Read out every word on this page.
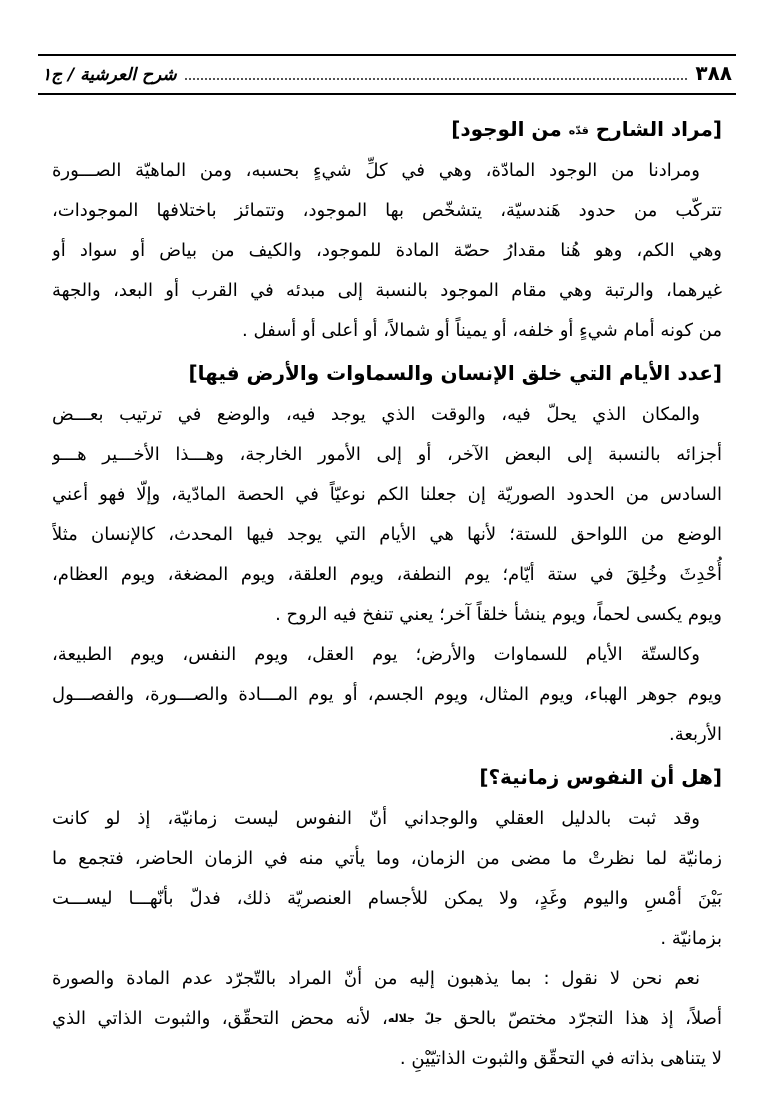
٣٨٨
شرح العرشية / ج١
[مراد الشارح قدّه من الوجود]
ومرادنا من الوجود المادّة، وهي في كلِّ شيءٍ بحسبه، ومن الماهيّة الصـــورة
تتركّب من حدود هَندسيّة، يتشخّص بها الموجود، وتتمائز باختلافها الموجودات،
وهي الكم، وهو هُنا مقدارُ حصّة المادة للموجود، والكيف من بياض أو سواد أو
غيرهما، والرتبة وهي مقام الموجود بالنسبة إلى مبدئه في القرب أو البعد، والجهة
من كونه أمام شيءٍ أو خلفه، أو يميناً أو شمالاً، أو أعلى أو أسفل .
[عدد الأيام التي خلق الإنسان والسماوات والأرض فيها]
والمكان الذي يحلّ فيه، والوقت الذي يوجد فيه، والوضع في ترتيب بعـــض
أجزائه بالنسبة إلى البعض الآخر، أو إلى الأمور الخارجة، وهـــذا الأخـــير هـــو
السادس من الحدود الصوريّة إن جعلنا الكم نوعيّاً في الحصة المادّية، وإلّا فهو أعني
الوضع من اللواحق للستة؛ لأنها هي الأيام التي يوجد فيها المحدث، كالإنسان مثلاً
أُحْدِثَ وخُلِقَ في ستة أيّام؛ يوم النطفة، ويوم العلقة، ويوم المضغة، ويوم العظام،
ويوم يكسى لحماً، ويوم ينشأ خلقاً آخر؛ يعني تنفخ فيه الروح .
وكالستّة الأيام للسماوات والأرض؛ يوم العقل، ويوم النفس، ويوم الطبيعة،
ويوم جوهر الهباء، ويوم المثال، ويوم الجسم، أو يوم المـــادة والصـــورة، والفصـــول
الأربعة.
[هل أن النفوس زمانية؟]
وقد ثبت بالدليل العقلي والوجداني أنّ النفوس ليست زمانيّة، إذ لو كانت
زمانيّة لما نظرتْ ما مضى من الزمان، وما يأتي منه في الزمان الحاضر، فتجمع ما
بَيْنَ أمْسِ واليوم وغَدٍ، ولا يمكن للأجسام العنصريّة ذلك، فدلّ بأنّهـــا ليســـت
بزمانيّة .
نعم نحن لا نقول : بما يذهبون إليه من أنّ المراد بالتّجرّد عدم المادة والصورة
أصلاً، إذ هذا التجرّد مختصّ بالحق جلّ جلاله، لأنه محض التحقّق، والثبوت الذاتي الذي
لا يتناهى بذاته في التحقّق والثبوت الذاتيّيْنِ .
